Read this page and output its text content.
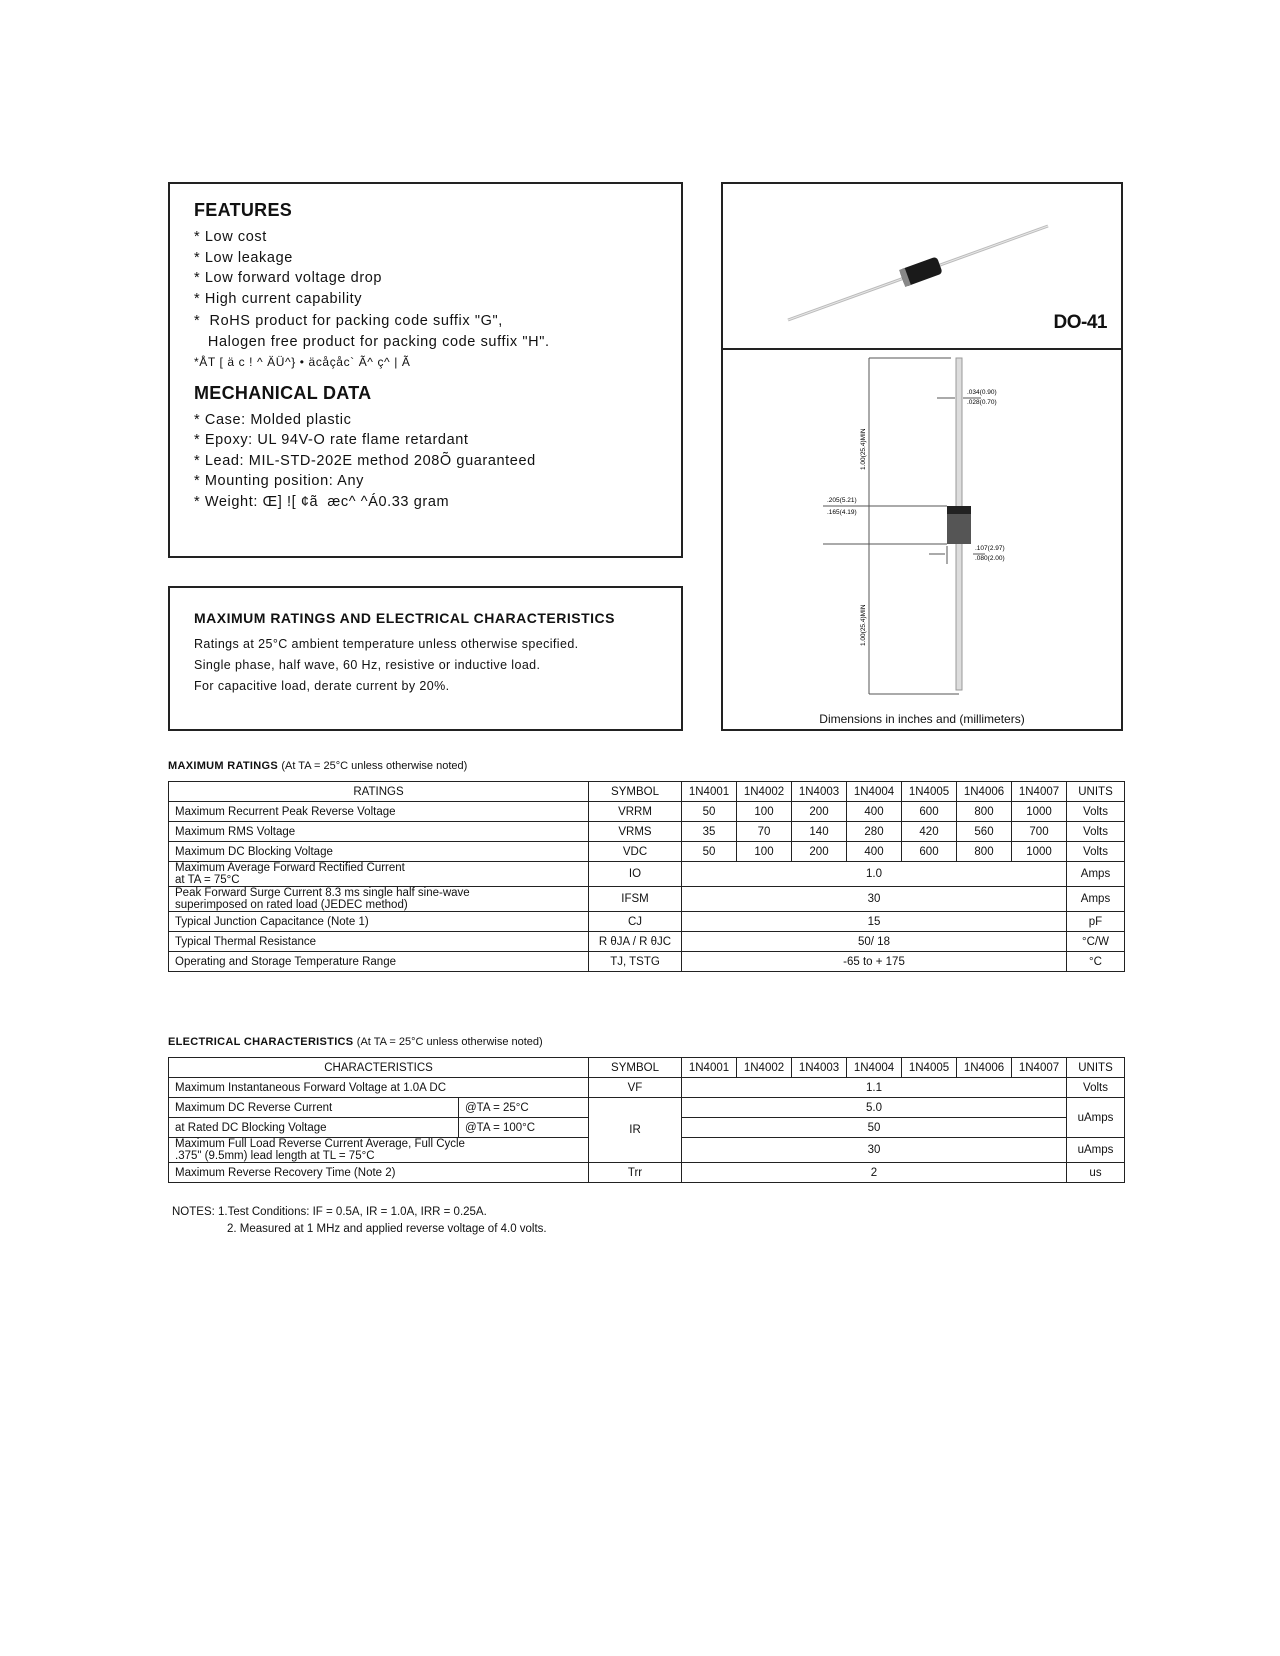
FEATURES

* Low cost

* Low leakage

* Low forward voltage drop

* High current capability

*  RoHS product for packing code suffix "G",

Halogen free product for packing code suffix "H".

*ÅT [ ä c ! ^ ÄÜ^} • äcåçåc` Ã^ ç^ | Ã

MECHANICAL DATA

* Case: Molded plastic

* Epoxy: UL 94V-O rate flame retardant

* Lead: MIL-STD-202E method 208Õ guaranteed

* Mounting position: Any

* Weight: Œ] ![ ¢ã  æc^ ^Á0.33 gram

MAXIMUM RATINGS AND ELECTRICAL CHARACTERISTICS
Ratings at 25°C ambient temperature unless otherwise specified.
Single phase, half wave, 60 Hz, resistive or inductive load.
For capacitive load, derate current by 20%.
DO-41
.034(0.90)
.028(0.70)
.205(5.21)
.165(4.19)
.107(2.97)
.080(2.00)
1.00(25.4)MIN
1.00(25.4)MIN
Dimensions in inches and (millimeters)
MAXIMUM RATINGS (At TA = 25°C unless otherwise noted)
RATINGS	SYMBOL	1N4001	1N4002	1N4003	1N4004	1N4005	1N4006	1N4007	UNITS
Maximum Recurrent Peak Reverse Voltage	VRRM	50	100	200	400	600	800	1000	Volts
Maximum RMS Voltage	VRMS	35	70	140	280	420	560	700	Volts
Maximum DC Blocking Voltage	VDC	50	100	200	400	600	800	1000	Volts

Maximum Average Forward Rectified Current
at TA = 75°C	IO	1.0							Amps

Peak Forward Surge Current 8.3 ms single half sine-wave
superimposed on rated load (JEDEC method)	IFSM	30							Amps
Typical Junction Capacitance (Note 1)	CJ	15							pF
Typical Thermal Resistance	R θJA / R θJC	50/ 18							°C/W
Operating and Storage Temperature Range	TJ, TSTG	-65 to + 175							°C
ELECTRICAL CHARACTERISTICS (At TA = 25°C unless otherwise noted)
CHARACTERISTICS		SYMBOL	1N4001	1N4002	1N4003	1N4004	1N4005	1N4006	1N4007	UNITS
Maximum Instantaneous Forward Voltage at 1.0A DC		VF	1.1							Volts
Maximum DC Reverse Current	@TA = 25°C	IR	5.0							uAmps
at Rated DC Blocking Voltage	@TA = 100°C		50							

Maximum Full Load Reverse Current Average, Full Cycle
.375" (9.5mm) lead length at TL = 75°C			30							uAmps
Maximum Reverse Recovery Time (Note 2)		Trr	2							us
NOTES: 1.Test Conditions: IF = 0.5A, IR = 1.0A, IRR = 0.25A.
2. Measured at 1 MHz and applied reverse voltage of 4.0 volts.
